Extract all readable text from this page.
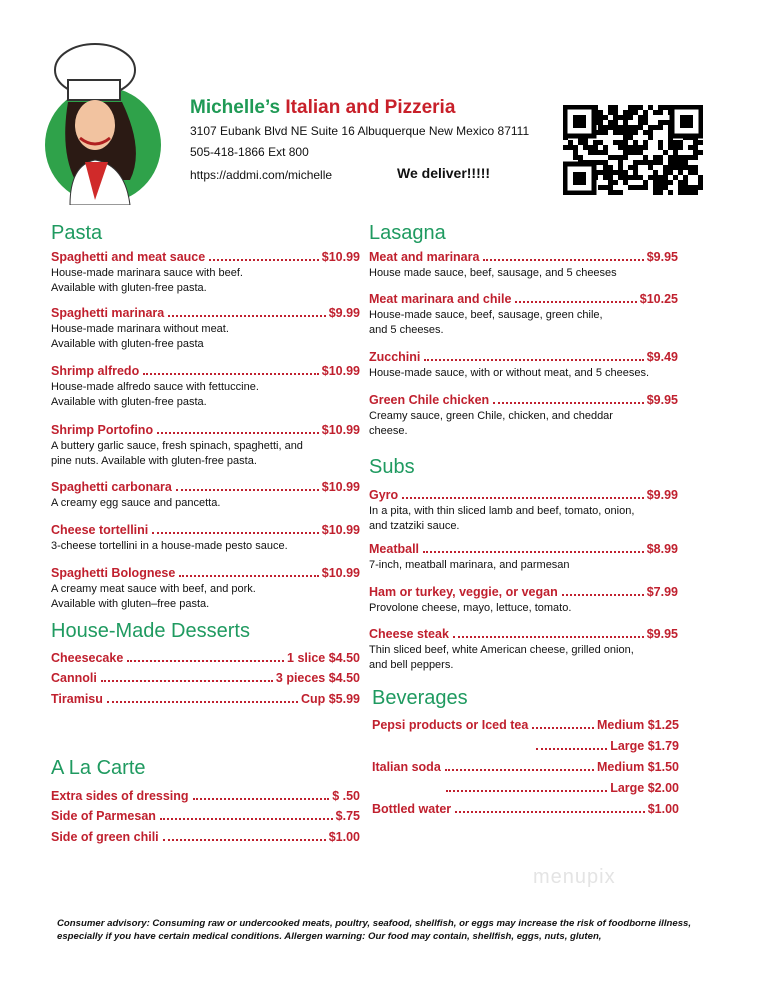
Michelle’s Italian and Pizzeria
3107 Eubank Blvd NE Suite 16 Albuquerque New Mexico 87111
505-418-1866 Ext 800
https://addmi.com/michelle	We deliver!!!!!
Pasta
Spaghetti and meat sauce	$10.99
House-made marinara sauce with beef.
Available with gluten-free pasta.
Spaghetti marinara	$9.99
House-made marinara without meat.
Available with gluten-free pasta
Shrimp alfredo	$10.99
House-made alfredo sauce with fettuccine.
Available with gluten-free pasta.
Shrimp Portofino	$10.99
A buttery garlic sauce, fresh spinach, spaghetti, and
pine nuts. Available with gluten-free pasta.
Spaghetti carbonara	$10.99
A creamy egg sauce and pancetta.
Cheese tortellini	$10.99
3-cheese tortellini in a house-made pesto sauce.
Spaghetti Bolognese	$10.99
A creamy meat sauce with beef, and pork.
Available with gluten–free pasta.
House-Made Desserts
Cheesecake	1 slice $4.50
Cannoli	3 pieces $4.50
Tiramisu	Cup $5.99
A La Carte
Extra sides of dressing	$ .50
Side of Parmesan	$.75
Side of green chili	$1.00
Lasagna
Meat and marinara	$9.95
House made sauce, beef, sausage, and 5 cheeses
Meat marinara and chile	$10.25
House-made sauce, beef, sausage, green chile,
and 5 cheeses.
Zucchini	$9.49
House-made sauce, with or without meat, and 5 cheeses.
Green Chile chicken	$9.95
Creamy sauce, green Chile, chicken, and cheddar
cheese.
Subs
Gyro	$9.99
In a pita, with thin sliced lamb and beef, tomato, onion,
and tzatziki sauce.
Meatball	$8.99
7-inch, meatball marinara, and parmesan
Ham or turkey, veggie, or vegan	$7.99
Provolone cheese, mayo, lettuce, tomato.
Cheese steak	$9.95
Thin sliced beef, white American cheese, grilled onion,
and bell peppers.
Beverages
Pepsi products or Iced tea	Medium $1.25
Large $1.79
Italian soda	Medium $1.50
Large $2.00
Bottled water	$1.00
Consumer advisory: Consuming raw or undercooked meats, poultry, seafood, shellfish, or eggs may increase the risk of foodborne illness, especially if you have certain medical conditions. Allergen warning: Our food may contain, shellfish, eggs, nuts, gluten,
menupix
